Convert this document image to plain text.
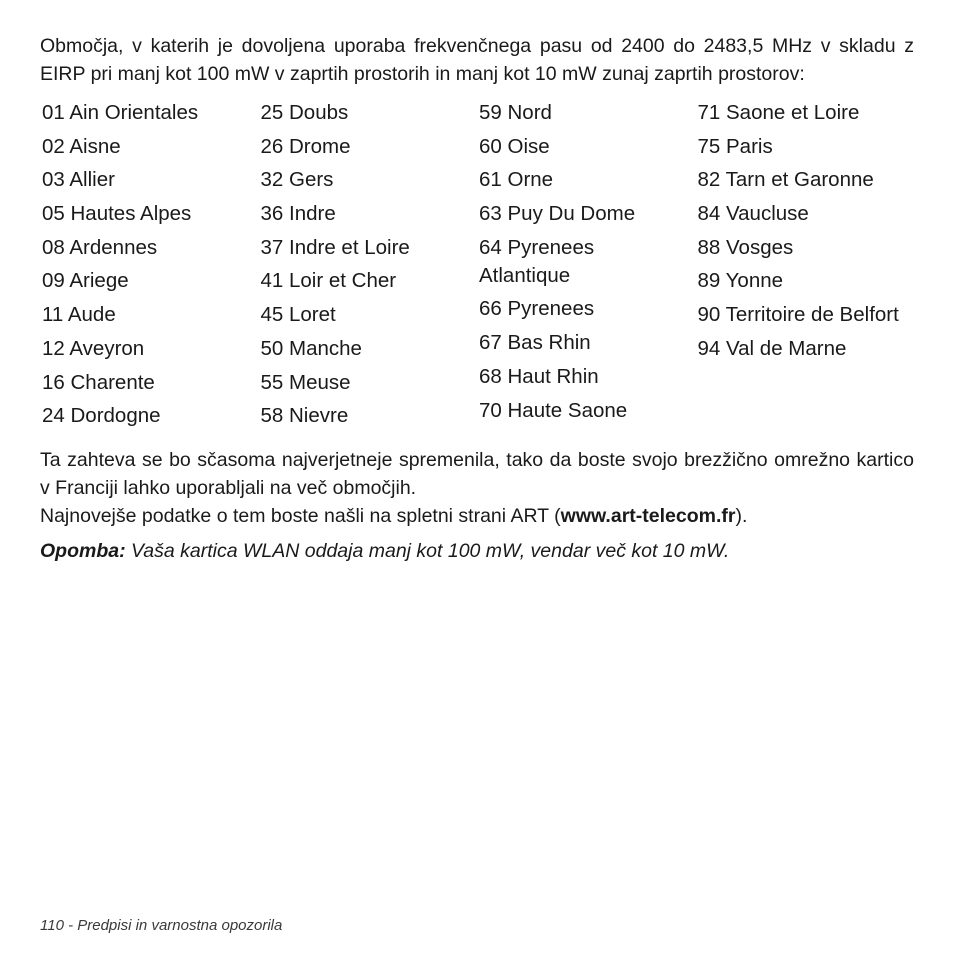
Območja, v katerih je dovoljena uporaba frekvenčnega pasu od 2400 do 2483,5 MHz v skladu z EIRP pri manj kot 100 mW v zaprtih prostorih in manj kot 10 mW zunaj zaprtih prostorov:

01 Ain Orientales
02 Aisne
03 Allier
05 Hautes Alpes
08 Ardennes
09 Ariege
11 Aude
12 Aveyron
16 Charente
24 Dordogne
25 Doubs
26 Drome
32 Gers
36 Indre
37 Indre et Loire
41 Loir et Cher
45 Loret
50 Manche
55 Meuse
58 Nievre
59 Nord
60 Oise
61 Orne
63 Puy Du Dome
64 Pyrenees Atlantique
66 Pyrenees
67 Bas Rhin
68 Haut Rhin
70 Haute Saone
71 Saone et Loire
75 Paris
82 Tarn et Garonne
84 Vaucluse
88 Vosges
89 Yonne
90 Territoire de Belfort
94 Val de Marne

Ta zahteva se bo sčasoma najverjetneje spremenila, tako da boste svojo brezžično omrežno kartico v Franciji lahko uporabljali na več območjih.

Najnovejše podatke o tem boste našli na spletni strani ART (www.art-telecom.fr).

Opomba: Vaša kartica WLAN oddaja manj kot 100 mW, vendar več kot 10 mW.

110 - Predpisi in varnostna opozorila
